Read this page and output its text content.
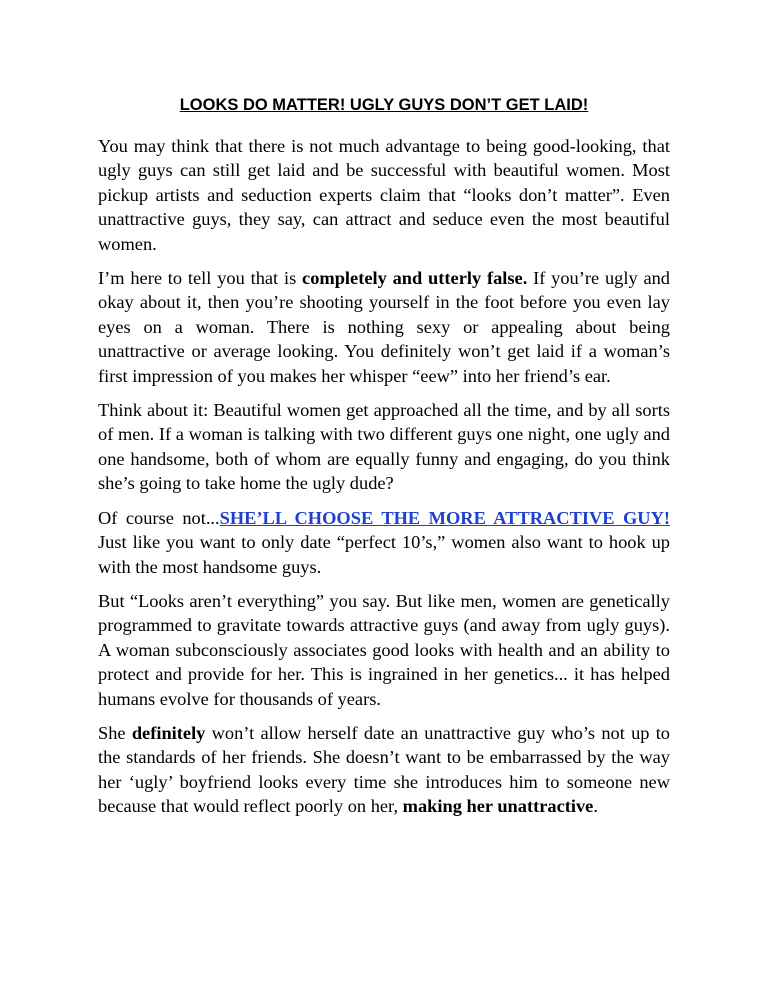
LOOKS DO MATTER! UGLY GUYS DON’T GET LAID!

You may think that there is not much advantage to being good-looking, that ugly guys can still get laid and be successful with beautiful women. Most pickup artists and seduction experts claim that “looks don’t matter”. Even unattractive guys, they say, can attract and seduce even the most beautiful women.

I’m here to tell you that is completely and utterly false. If you’re ugly and okay about it, then you’re shooting yourself in the foot before you even lay eyes on a woman. There is nothing sexy or appealing about being unattractive or average looking. You definitely won’t get laid if a woman’s first impression of you makes her whisper “eew” into her friend’s ear.

Think about it: Beautiful women get approached all the time, and by all sorts of men. If a woman is talking with two different guys one night, one ugly and one handsome, both of whom are equally funny and engaging, do you think she’s going to take home the ugly dude?

Of course not...SHE’LL CHOOSE THE MORE ATTRACTIVE GUY! Just like you want to only date “perfect 10’s,” women also want to hook up with the most handsome guys.

But “Looks aren’t everything” you say. But like men, women are genetically programmed to gravitate towards attractive guys (and away from ugly guys). A woman subconsciously associates good looks with health and an ability to protect and provide for her. This is ingrained in her genetics... it has helped humans evolve for thousands of years.

She definitely won’t allow herself date an unattractive guy who’s not up to the standards of her friends. She doesn’t want to be embarrassed by the way her ‘ugly’ boyfriend looks every time she introduces him to someone new because that would reflect poorly on her, making her unattractive.
